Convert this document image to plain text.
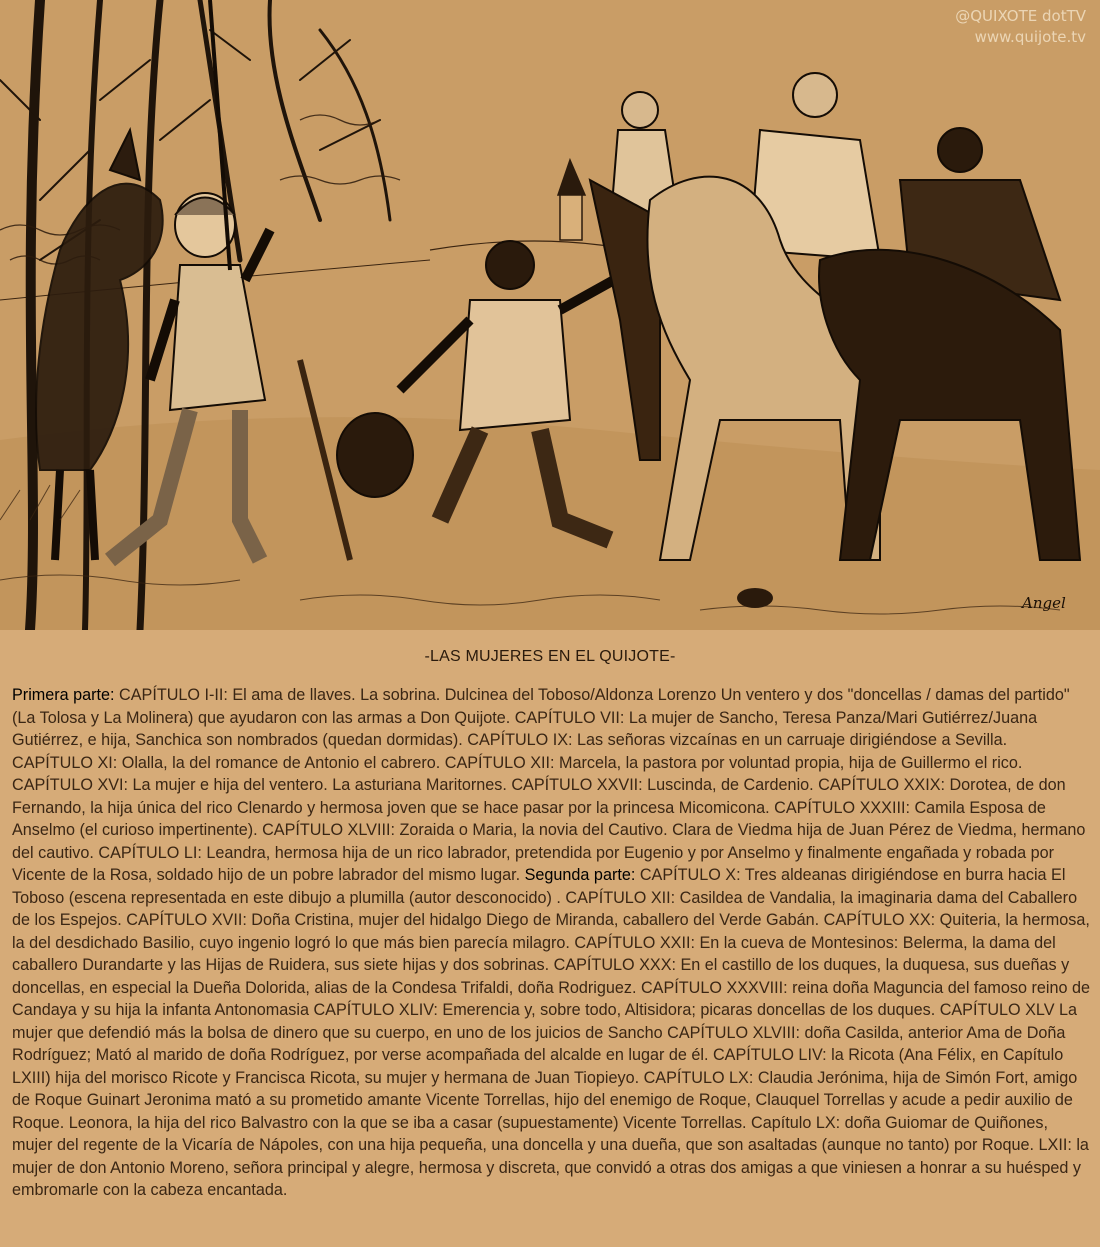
Angel
@QUIXOTE dotTV
www.quijote.tv
-LAS MUJERES EN EL QUIJOTE-

Primera parte: CAPÍTULO I-II: El ama de llaves. La sobrina. Dulcinea del Toboso/Aldonza Lorenzo Un ventero y dos "doncellas / damas del partido" (La Tolosa y La Molinera) que ayudaron con las armas a Don Quijote. CAPÍTULO VII: La mujer de Sancho, Teresa Panza/Mari Gutiérrez/Juana Gutiérrez, e hija, Sanchica son nombrados (quedan dormidas). CAPÍTULO IX: Las señoras vizcaínas en un carruaje dirigiéndose a Sevilla. CAPÍTULO XI: Olalla, la del romance de Antonio el cabrero. CAPÍTULO XII: Marcela, la pastora por voluntad propia, hija de Guillermo el rico. CAPÍTULO XVI: La mujer e hija del ventero. La asturiana Maritornes. CAPÍTULO XXVII: Luscinda, de Cardenio. CAPÍTULO XXIX: Dorotea, de don Fernando, la hija única del rico Clenardo y hermosa joven que se hace pasar por la princesa Micomicona. CAPÍTULO XXXIII: Camila Esposa de Anselmo (el curioso impertinente). CAPÍTULO XLVIII: Zoraida o Maria, la novia del Cautivo. Clara de Viedma hija de Juan Pérez de Viedma, hermano del cautivo. CAPÍTULO LI: Leandra, hermosa hija de un rico labrador, pretendida por Eugenio y por Anselmo y finalmente engañada y robada por Vicente de la Rosa, soldado hijo de un pobre labrador del mismo lugar. Segunda parte: CAPÍTULO X: Tres aldeanas dirigiéndose en burra hacia El Toboso (escena representada en este dibujo a plumilla (autor desconocido) . CAPÍTULO XII: Casildea de Vandalia, la imaginaria dama del Caballero de los Espejos. CAPÍTULO XVII: Doña Cristina, mujer del hidalgo Diego de Miranda, caballero del Verde Gabán. CAPÍTULO XX: Quiteria, la hermosa, la del desdichado Basilio, cuyo ingenio logró lo que más bien parecía milagro. CAPÍTULO XXII: En la cueva de Montesinos: Belerma, la dama del caballero Durandarte y las Hijas de Ruidera, sus siete hijas y dos sobrinas. CAPÍTULO XXX: En el castillo de los duques, la duquesa, sus dueñas y doncellas, en especial la Dueña Dolorida, alias de la Condesa Trifaldi, doña Rodriguez. CAPÍTULO XXXVIII: reina doña Maguncia del famoso reino de Candaya y su hija la infanta Antonomasia CAPÍTULO XLIV: Emerencia y, sobre todo, Altisidora; picaras doncellas de los duques. CAPÍTULO XLV La mujer que defendió más la bolsa de dinero que su cuerpo, en uno de los juicios de Sancho CAPÍTULO XLVIII: doña Casilda, anterior Ama de Doña Rodríguez; Mató al marido de doña Rodríguez, por verse acompañada del alcalde en lugar de él. CAPÍTULO LIV: la Ricota (Ana Félix, en Capítulo LXIII) hija del morisco Ricote y Francisca Ricota, su mujer y hermana de Juan Tiopieyo. CAPÍTULO LX: Claudia Jerónima, hija de Simón Fort, amigo de Roque Guinart Jeronima mató a su prometido amante Vicente Torrellas, hijo del enemigo de Roque, Clauquel Torrellas y acude a pedir auxilio de Roque. Leonora, la hija del rico Balvastro con la que se iba a casar (supuestamente) Vicente Torrellas. Capítulo LX: doña Guiomar de Quiñones, mujer del regente de la Vicaría de Nápoles, con una hija pequeña, una doncella y una dueña, que son asaltadas (aunque no tanto) por Roque. LXII: la mujer de don Antonio Moreno, señora principal y alegre, hermosa y discreta, que convidó a otras dos amigas a que viniesen a honrar a su huésped y embromarle con la cabeza encantada.
